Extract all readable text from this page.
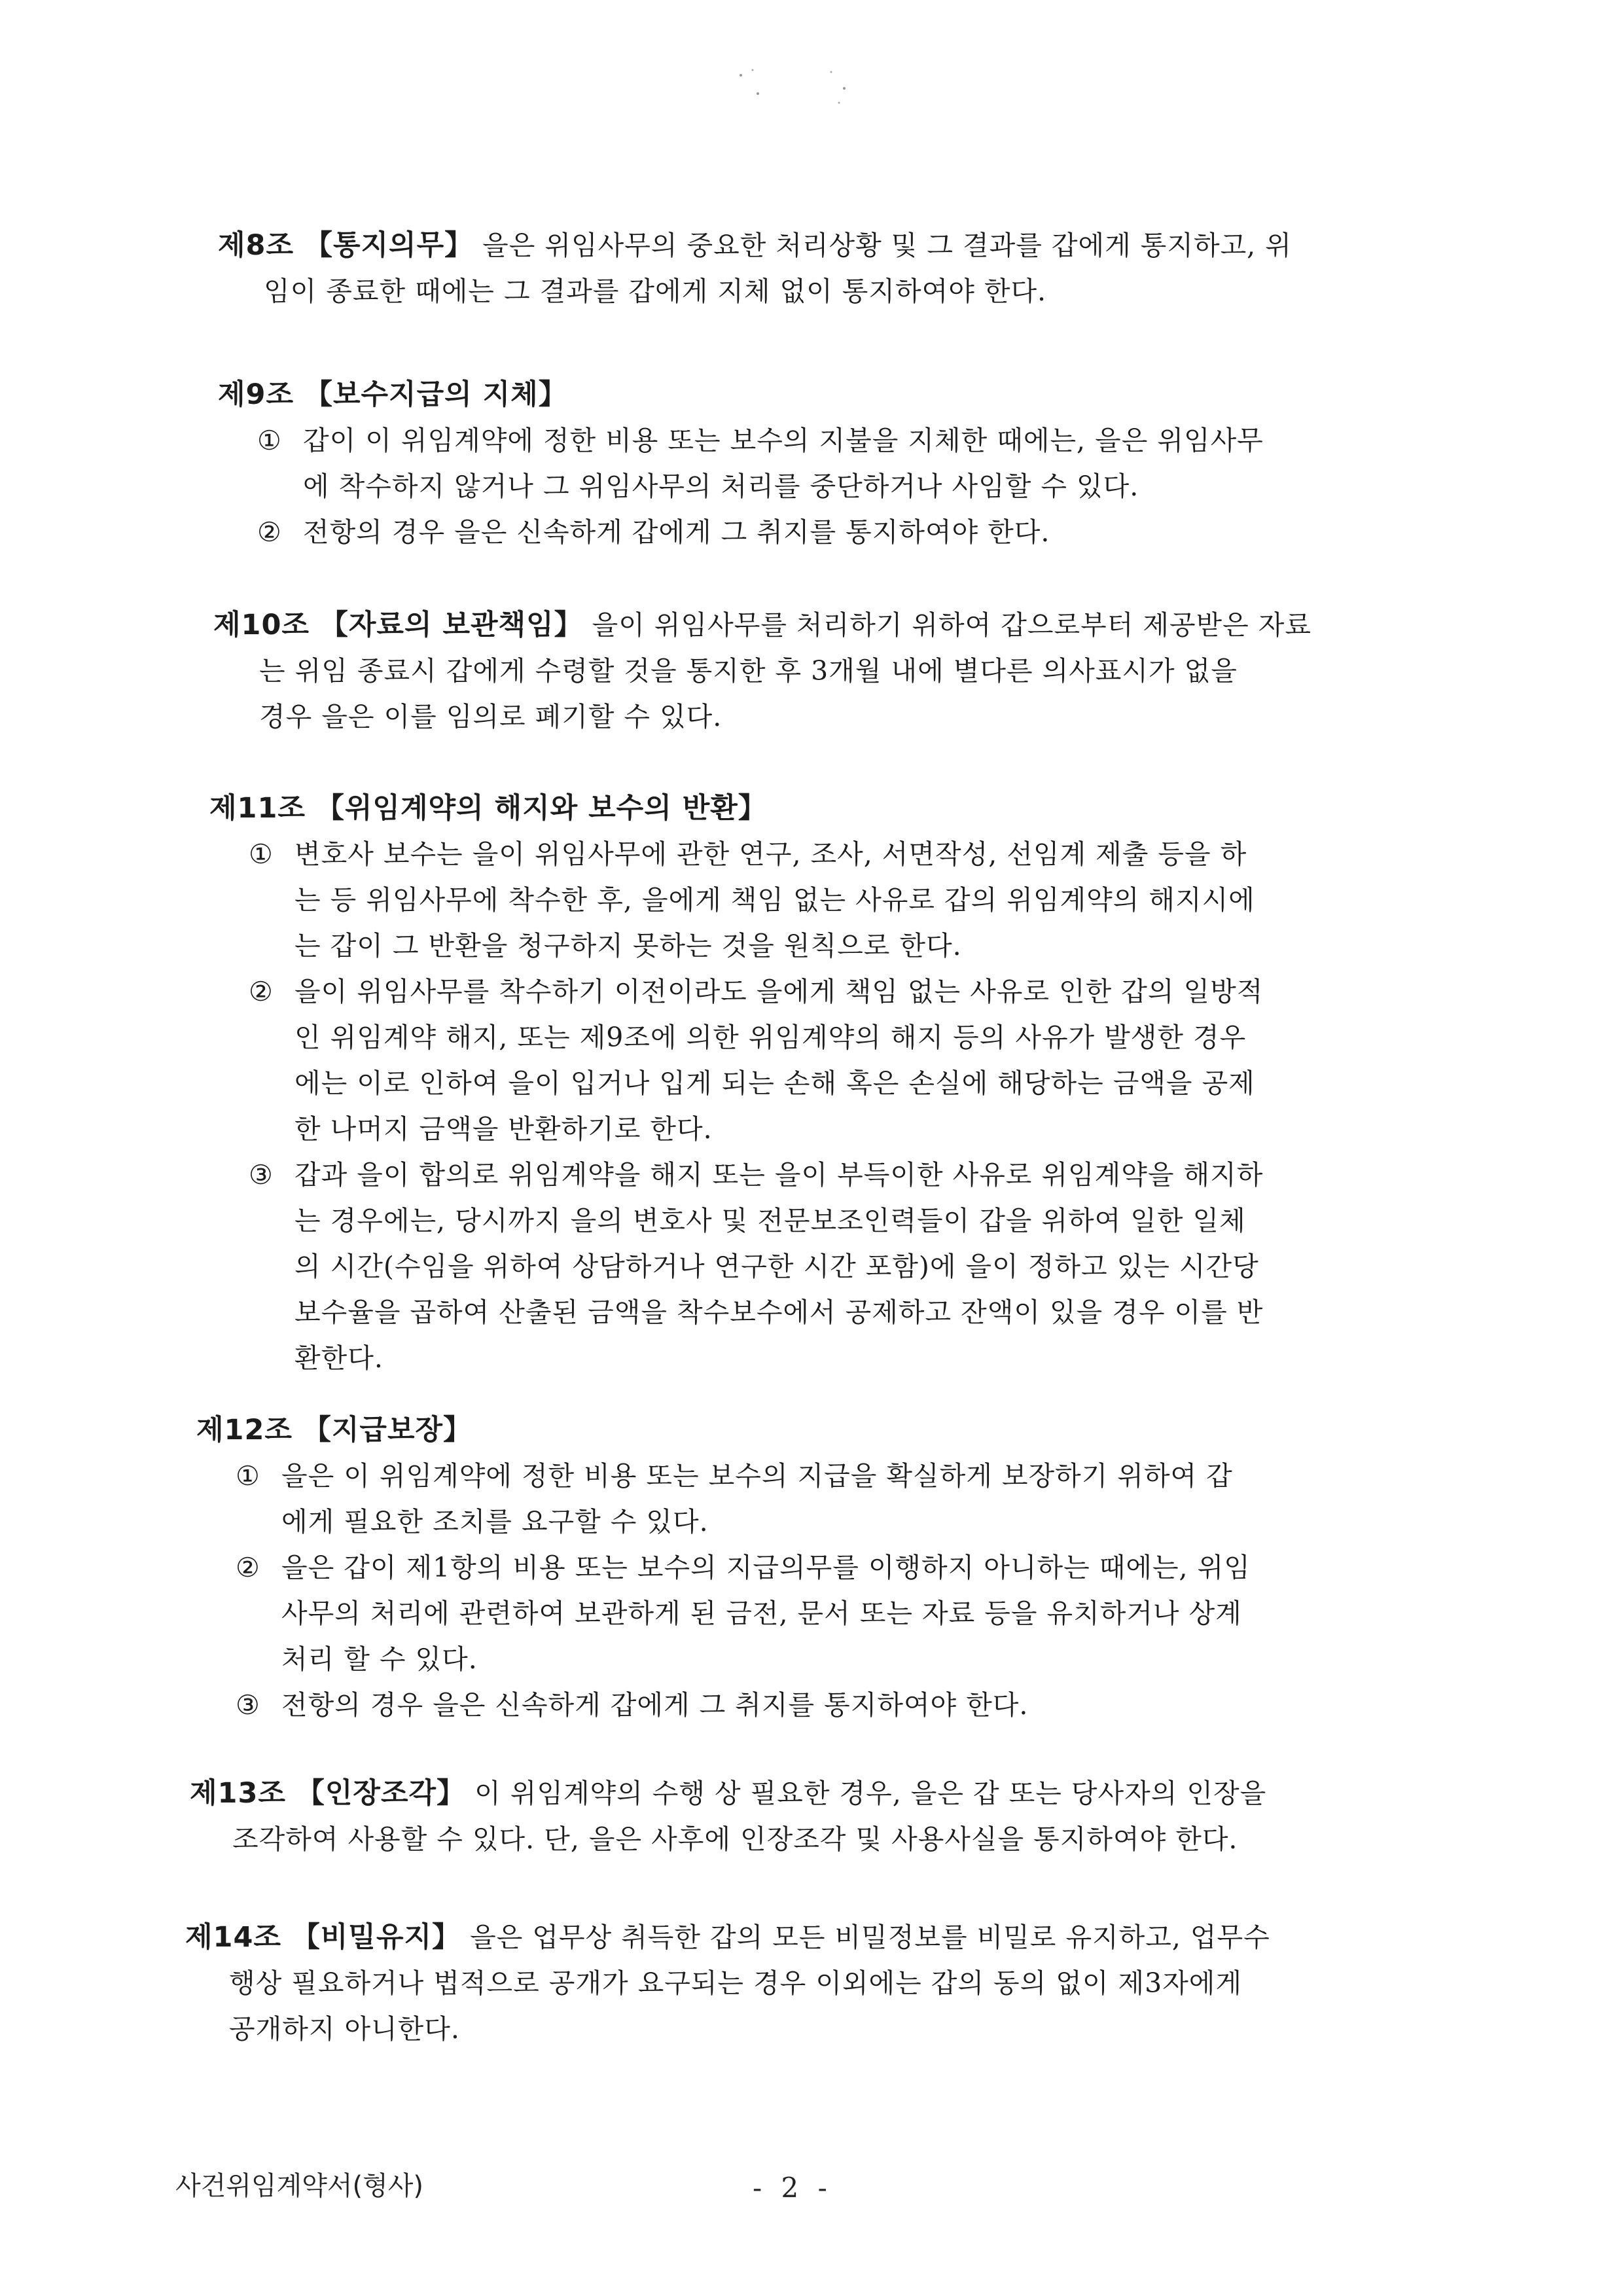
제8조 【통지의무】 을은 위임사무의 중요한 처리상황 및 그 결과를 갑에게 통지하고, 위
임이 종료한 때에는 그 결과를 갑에게 지체 없이 통지하여야 한다.
제9조 【보수지급의 지체】
① 갑이 이 위임계약에 정한 비용 또는 보수의 지불을 지체한 때에는, 을은 위임사무
에 착수하지 않거나 그 위임사무의 처리를 중단하거나 사임할 수 있다.
② 전항의 경우 을은 신속하게 갑에게 그 취지를 통지하여야 한다.
제10조 【자료의 보관책임】 을이 위임사무를 처리하기 위하여 갑으로부터 제공받은 자료
는 위임 종료시 갑에게 수령할 것을 통지한 후 3개월 내에 별다른 의사표시가 없을
경우 을은 이를 임의로 폐기할 수 있다.
제11조 【위임계약의 해지와 보수의 반환】
① 변호사 보수는 을이 위임사무에 관한 연구, 조사, 서면작성, 선임계 제출 등을 하
는 등 위임사무에 착수한 후, 을에게 책임 없는 사유로 갑의 위임계약의 해지시에
는 갑이 그 반환을 청구하지 못하는 것을 원칙으로 한다.
② 을이 위임사무를 착수하기 이전이라도 을에게 책임 없는 사유로 인한 갑의 일방적
인 위임계약 해지, 또는 제9조에 의한 위임계약의 해지 등의 사유가 발생한 경우
에는 이로 인하여 을이 입거나 입게 되는 손해 혹은 손실에 해당하는 금액을 공제
한 나머지 금액을 반환하기로 한다.
③ 갑과 을이 합의로 위임계약을 해지 또는 을이 부득이한 사유로 위임계약을 해지하
는 경우에는, 당시까지 을의 변호사 및 전문보조인력들이 갑을 위하여 일한 일체
의 시간(수임을 위하여 상담하거나 연구한 시간 포함)에 을이 정하고 있는 시간당
보수율을 곱하여 산출된 금액을 착수보수에서 공제하고 잔액이 있을 경우 이를 반
환한다.
제12조 【지급보장】
① 을은 이 위임계약에 정한 비용 또는 보수의 지급을 확실하게 보장하기 위하여 갑
에게 필요한 조치를 요구할 수 있다.
② 을은 갑이 제1항의 비용 또는 보수의 지급의무를 이행하지 아니하는 때에는, 위임
사무의 처리에 관련하여 보관하게 된 금전, 문서 또는 자료 등을 유치하거나 상계
처리 할 수 있다.
③ 전항의 경우 을은 신속하게 갑에게 그 취지를 통지하여야 한다.
제13조 【인장조각】 이 위임계약의 수행 상 필요한 경우, 을은 갑 또는 당사자의 인장을
조각하여 사용할 수 있다. 단, 을은 사후에 인장조각 및 사용사실을 통지하여야 한다.
제14조 【비밀유지】 을은 업무상 취득한 갑의 모든 비밀정보를 비밀로 유지하고, 업무수
행상 필요하거나 법적으로 공개가 요구되는 경우 이외에는 갑의 동의 없이 제3자에게
공개하지 아니한다.
사건위임계약서(형사)	- 2 -
